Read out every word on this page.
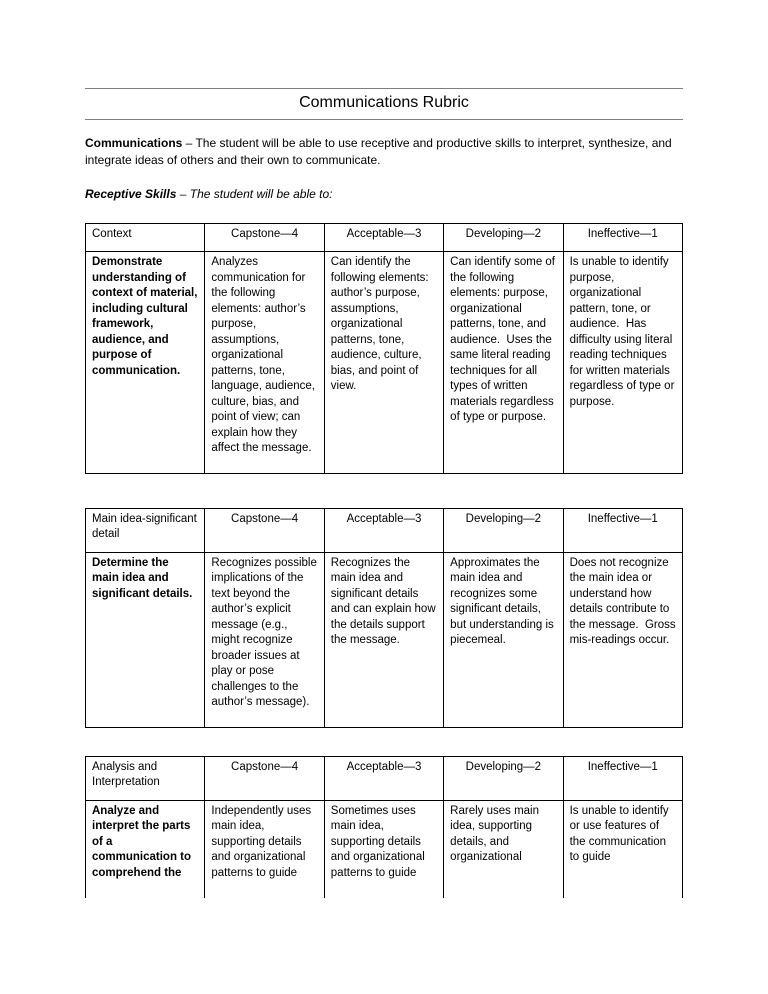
Communications Rubric

Communications – The student will be able to use receptive and productive skills to interpret, synthesize, and integrate ideas of others and their own to communicate.

Receptive Skills – The student will be able to:

Context	Capstone—4	Acceptable—3	Developing—2	Ineffective—1
Demonstrate understanding of context of material, including cultural framework, audience, and purpose of communication.	Analyzes communication for the following elements: author’s purpose, assumptions, organizational patterns, tone, language, audience, culture, bias, and point of view; can explain how they affect the message.	Can identify the following elements: author’s purpose, assumptions, organizational patterns, tone, audience, culture, bias, and point of view.	Can identify some of the following elements: purpose, organizational patterns, tone, and audience.  Uses the same literal reading techniques for all types of written materials regardless of type or purpose.	Is unable to identify purpose, organizational pattern, tone, or audience.  Has difficulty using literal reading techniques for written materials regardless of type or purpose.
Main idea-significant detail	Capstone—4	Acceptable—3	Developing—2	Ineffective—1
Determine the main idea and significant details.	Recognizes possible implications of the text beyond the author’s explicit message (e.g., might recognize broader issues at play or pose challenges to the author’s message).	Recognizes the main idea and significant details and can explain how the details support the message.	Approximates the main idea and recognizes some significant details, but understanding is piecemeal.	Does not recognize the main idea or understand how details contribute to the message.  Gross mis-readings occur.
Analysis and Interpretation	Capstone—4	Acceptable—3	Developing—2	Ineffective—1
Analyze and interpret the parts of a communication to comprehend the	Independently uses main idea, supporting details and organizational patterns to guide	Sometimes uses main idea, supporting details and organizational patterns to guide	Rarely uses main idea, supporting details, and organizational	Is unable to identify or use features of the communication to guide
